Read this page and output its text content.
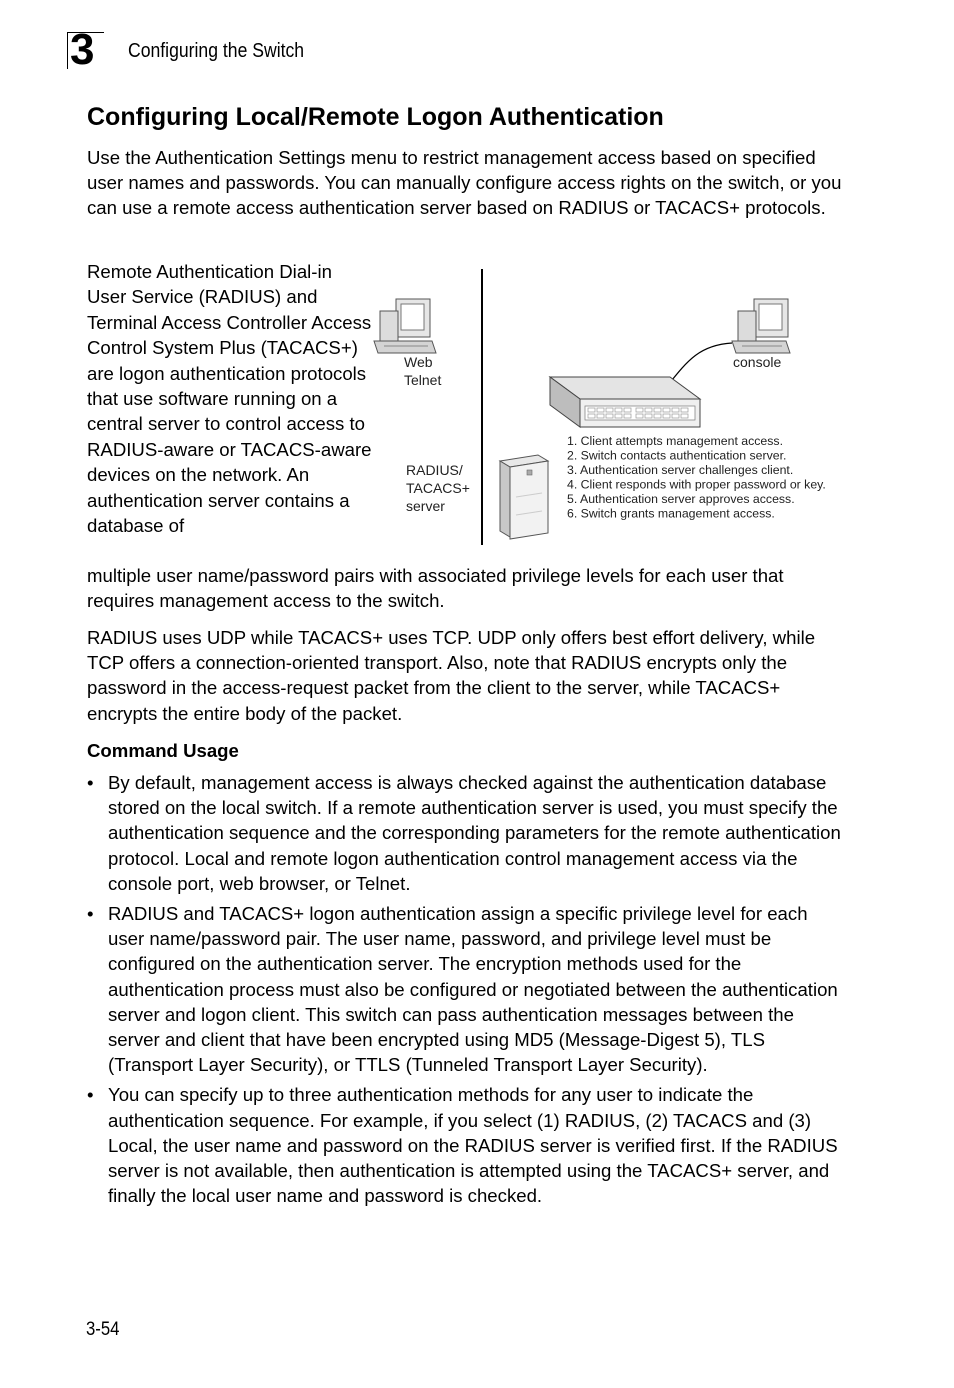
3 Configuring the Switch
Configuring Local/Remote Logon Authentication

Use the Authentication Settings menu to restrict management access based on specified user names and passwords. You can manually configure access rights on the switch, or you can use a remote access authentication server based on RADIUS or TACACS+ protocols.

Remote Authentication Dial-in User Service (RADIUS) and Terminal Access Controller Access Control System Plus (TACACS+) are logon authentication protocols that use software running on a central server to control access to RADIUS-aware or TACACS-aware devices on the network. An authentication server contains a database of

Web
Telnet
console
RADIUS/
TACACS+
server
1. Client attempts management access.
2. Switch contacts authentication server.
3. Authentication server challenges client.
4. Client responds with proper password or key.
5. Authentication server approves access.
6. Switch grants management access.

multiple user name/password pairs with associated privilege levels for each user that requires management access to the switch.

RADIUS uses UDP while TACACS+ uses TCP. UDP only offers best effort delivery, while TCP offers a connection-oriented transport. Also, note that RADIUS encrypts only the password in the access-request packet from the client to the server, while TACACS+ encrypts the entire body of the packet.

Command Usage
• By default, management access is always checked against the authentication database stored on the local switch. If a remote authentication server is used, you must specify the authentication sequence and the corresponding parameters for the remote authentication protocol. Local and remote logon authentication control management access via the console port, web browser, or Telnet.
• RADIUS and TACACS+ logon authentication assign a specific privilege level for each user name/password pair. The user name, password, and privilege level must be configured on the authentication server. The encryption methods used for the authentication process must also be configured or negotiated between the authentication server and logon client. This switch can pass authentication messages between the server and client that have been encrypted using MD5 (Message-Digest 5), TLS (Transport Layer Security), or TTLS (Tunneled Transport Layer Security).
• You can specify up to three authentication methods for any user to indicate the authentication sequence. For example, if you select (1) RADIUS, (2) TACACS and (3) Local, the user name and password on the RADIUS server is verified first. If the RADIUS server is not available, then authentication is attempted using the TACACS+ server, and finally the local user name and password is checked.
3-54
